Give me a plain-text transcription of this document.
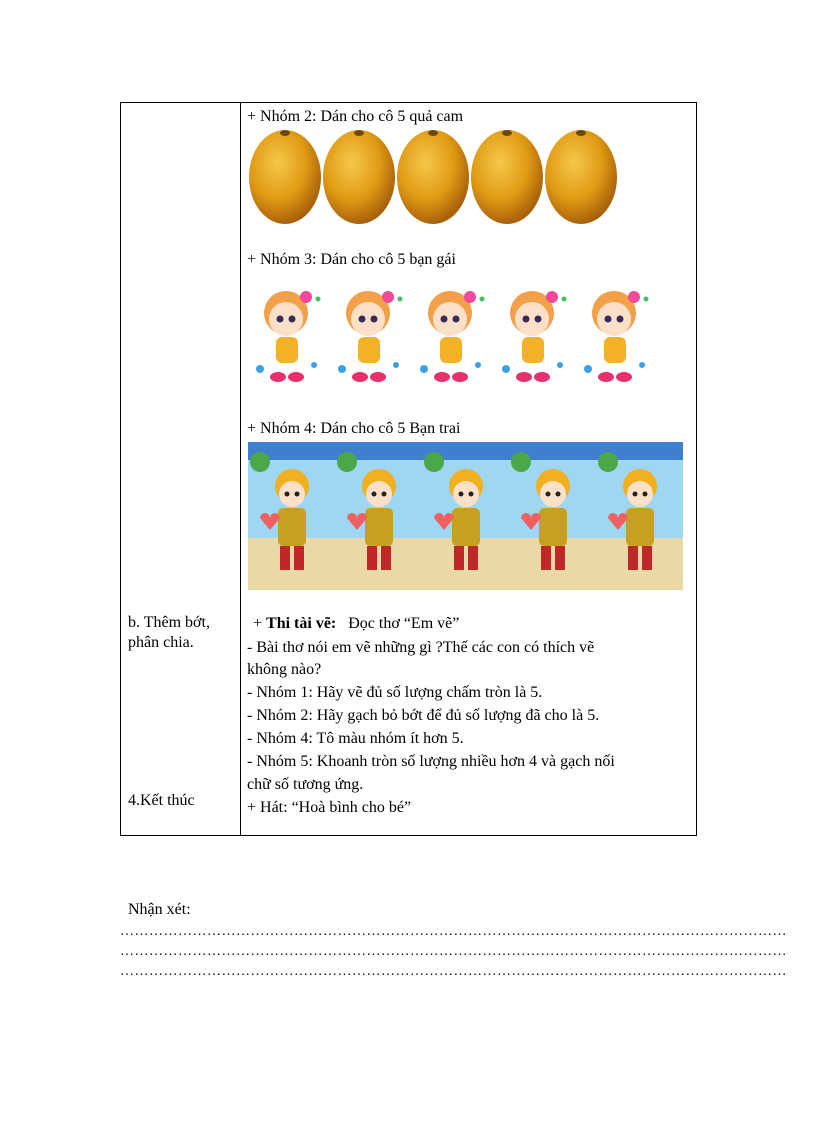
b. Thêm bớt,
phân chia.
4.Kết thúc
+ Nhóm 2: Dán cho cô 5 quả cam
+ Nhóm 3: Dán cho cô 5 bạn gái
+ Nhóm 4: Dán cho cô 5 Bạn trai
+ Thi tài vẽ:   Đọc thơ “Em vẽ”
- Bài thơ nói em vẽ những gì ?Thế các con có thích vẽ
không nào?
- Nhóm 1: Hãy vẽ đủ số lượng chấm tròn là 5.
- Nhóm 2: Hãy gạch bỏ bớt để đủ số lượng đã cho là 5.
- Nhóm 4: Tô màu nhóm ít hơn 5.
- Nhóm 5: Khoanh tròn số lượng nhiều hơn 4 và gạch nối
chữ số tương ứng.
+ Hát: “Hoà bình cho bé”
Nhận xét:
…………………………………………………………………………………………………………………………
…………………………………………………………………………………………………………………………
…………………………………………………………………………………………………………………………
